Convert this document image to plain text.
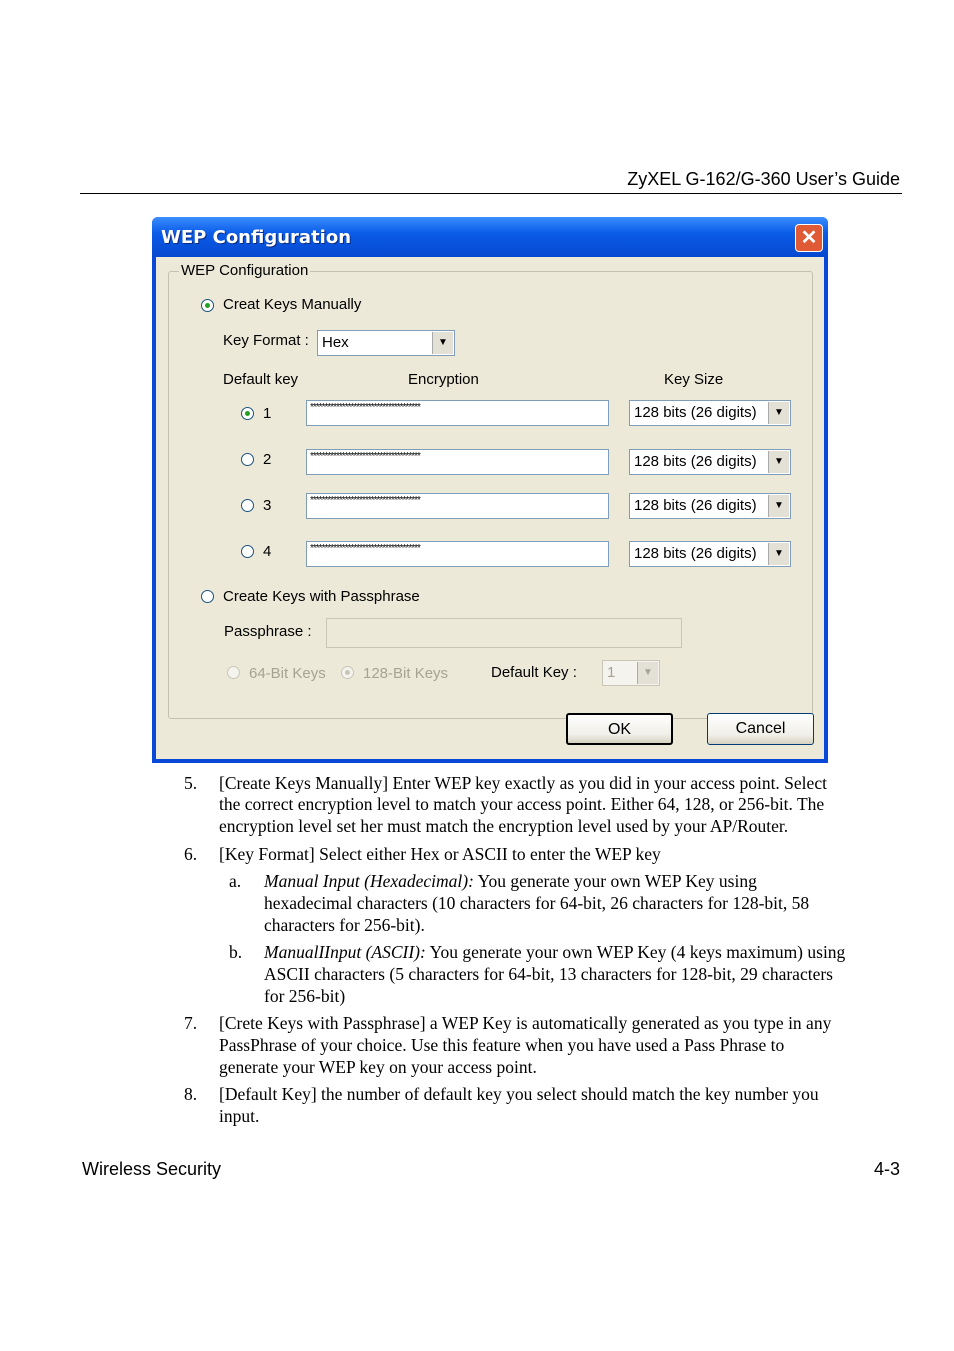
ZyXEL G-162/G-360 User’s Guide
WEP Configuration	✕
WEP Configuration
Creat Keys Manually
Key Format : Hex	▼
Default key	Encryption	Key Size
1	**************************************	128 bits (26 digits)	▼
2	**************************************	128 bits (26 digits)	▼
3	**************************************	128 bits (26 digits)	▼
4	**************************************	128 bits (26 digits)	▼
Create Keys with Passphrase
Passphrase :
64-Bit Keys 128-Bit Keys	Default Key :	1	▼
OK	Cancel
5. [Create Keys Manually] Enter WEP key exactly as you did in your access point. Select
the correct encryption level to match your access point. Either 64, 128, or 256-bit. The
encryption level set her must match the encryption level used by your AP/Router.
6. [Key Format] Select either Hex or ASCII to enter the WEP key
a. Manual Input (Hexadecimal): You generate your own WEP Key using
hexadecimal characters (10 characters for 64-bit, 26 characters for 128-bit, 58
characters for 256-bit).
b. ManualIInput (ASCII): You generate your own WEP Key (4 keys maximum) using
ASCII characters (5 characters for 64-bit, 13 characters for 128-bit, 29 characters
for 256-bit)
7. [Crete Keys with Passphrase] a WEP Key is automatically generated as you type in any
PassPhrase of your choice. Use this feature when you have used a Pass Phrase to
generate your WEP key on your access point.
8. [Default Key] the number of default key you select should match the key number you
input.
Wireless Security	4-3
